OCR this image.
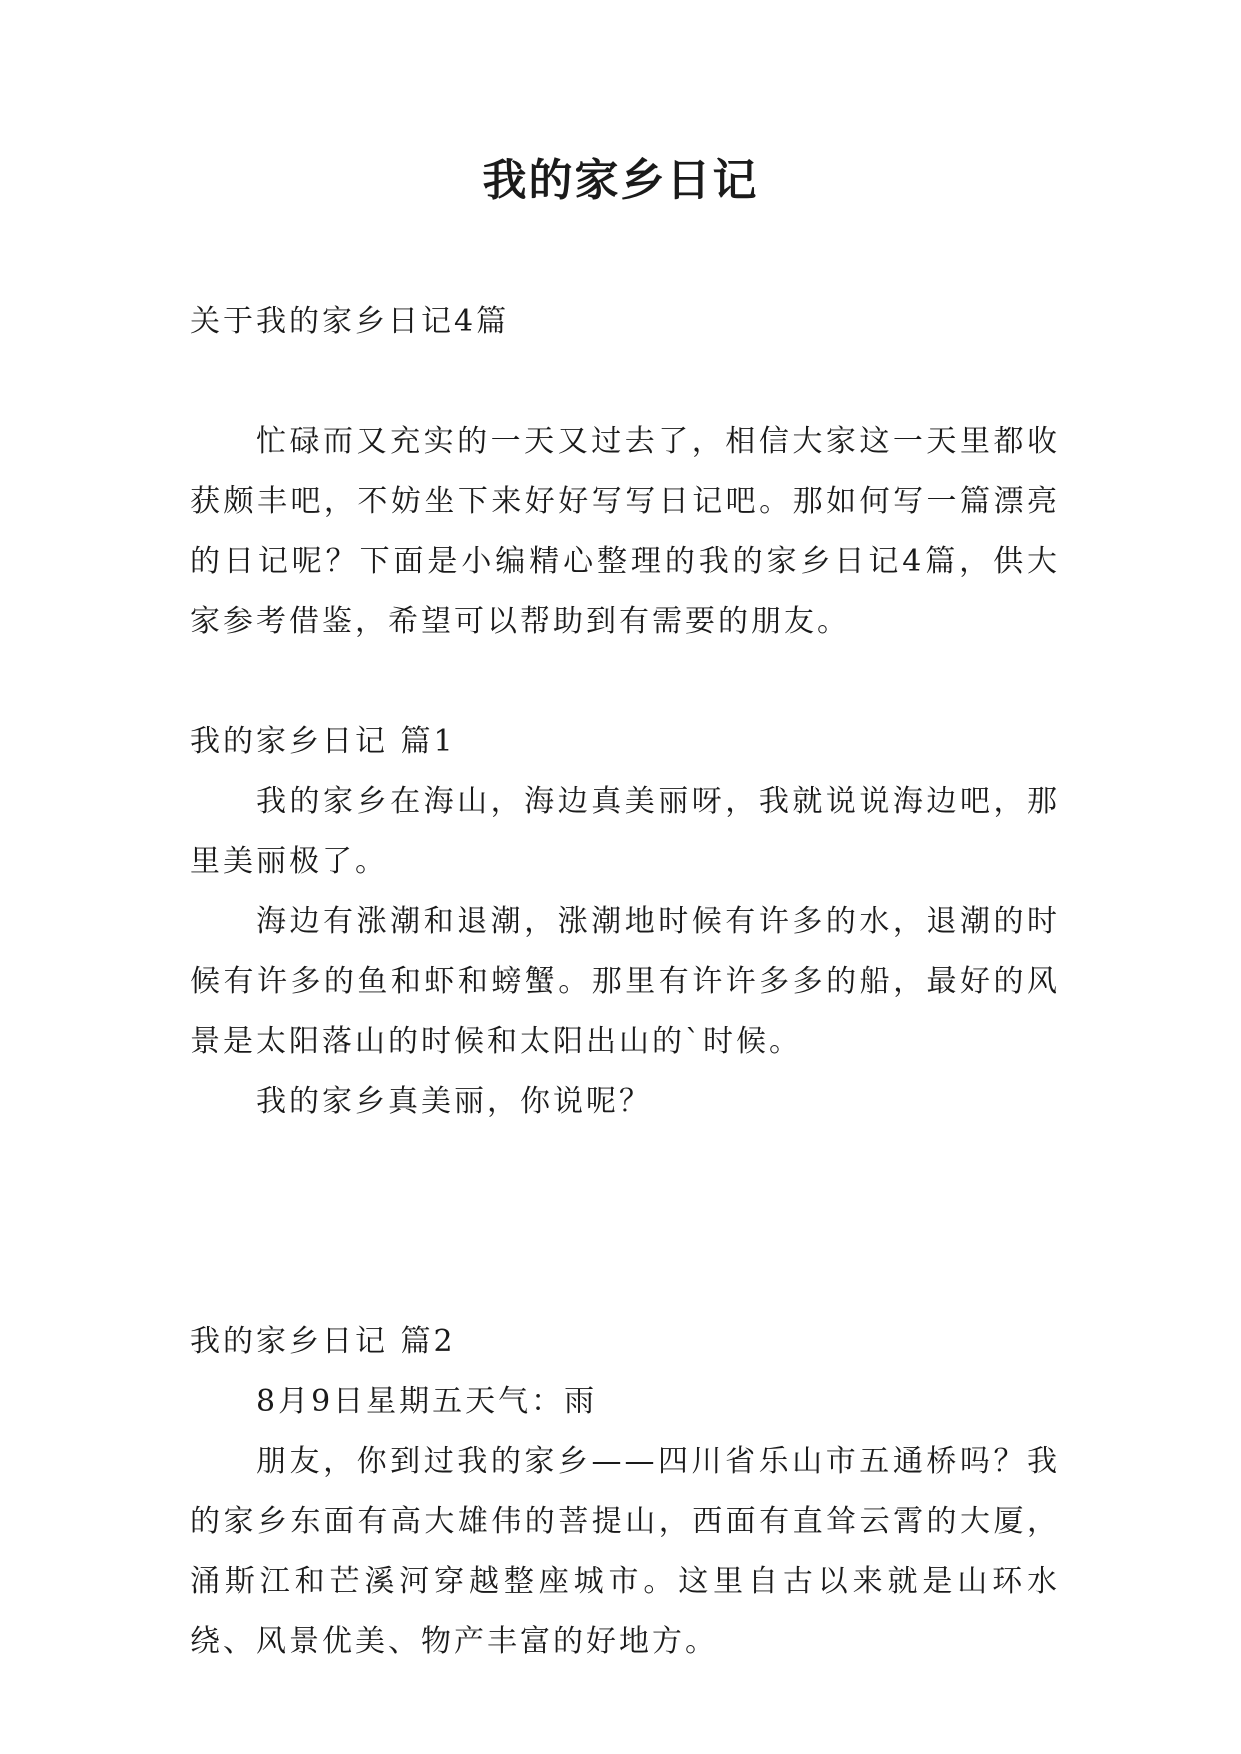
我的家乡日记

关于我的家乡日记4篇

忙碌而又充实的一天又过去了，相信大家这一天里都收获颇丰吧，不妨坐下来好好写写日记吧。那如何写一篇漂亮的日记呢？下面是小编精心整理的我的家乡日记4篇，供大家参考借鉴，希望可以帮助到有需要的朋友。

我的家乡日记 篇1

我的家乡在海山，海边真美丽呀，我就说说海边吧，那里美丽极了。

海边有涨潮和退潮，涨潮地时候有许多的水，退潮的时候有许多的鱼和虾和螃蟹。那里有许许多多的船，最好的风景是太阳落山的时候和太阳出山的`时候。

我的家乡真美丽，你说呢？

我的家乡日记 篇2

8月9日星期五天气：雨

朋友，你到过我的家乡——四川省乐山市五通桥吗？我的家乡东面有高大雄伟的菩提山，西面有直耸云霄的大厦，涌斯江和芒溪河穿越整座城市。这里自古以来就是山环水绕、风景优美、物产丰富的好地方。
